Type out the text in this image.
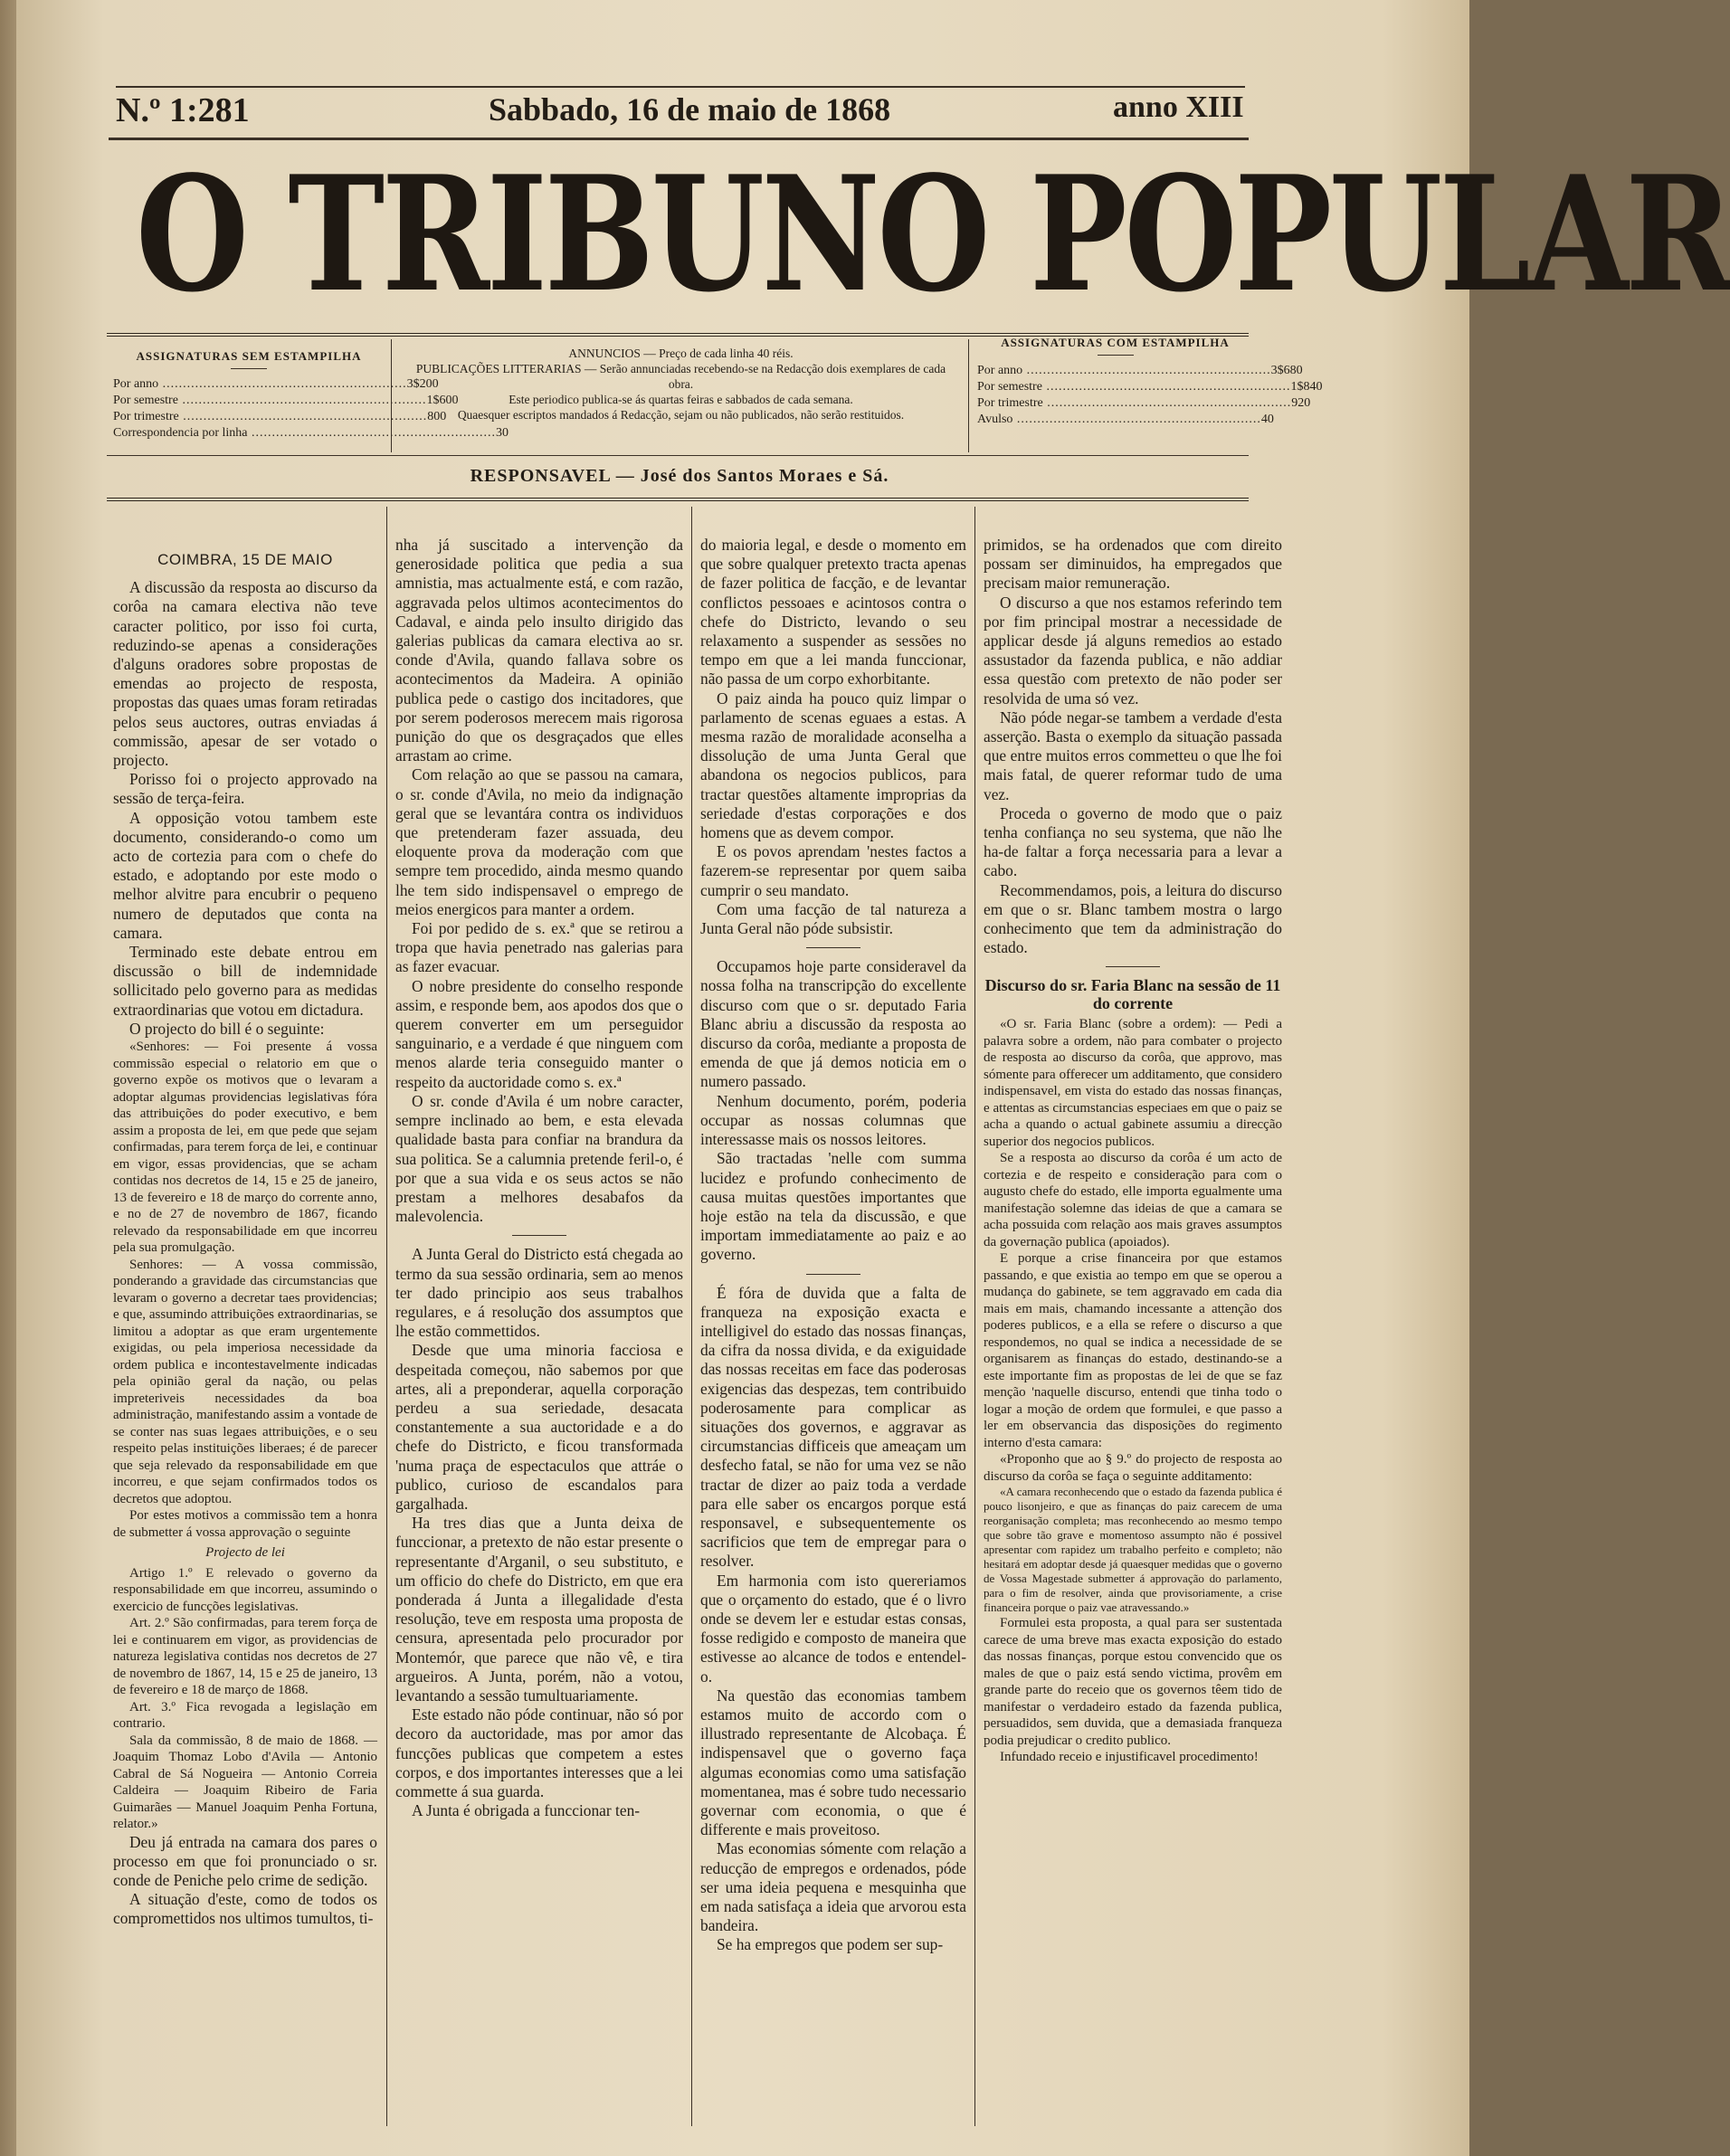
N.º 1:281	Sabbado, 16 de maio de 1868	anno XIII
O TRIBUNO POPULAR
ASSIGNATURAS SEM ESTAMPILHA
Por anno .....	3$200
Por semestre .....	1$600
Por trimestre .....	800
Correspondencia por linha .....	30
ANNUNCIOS — Preço de cada linha 40 réis.
PUBLICAÇÕES LITTERARIAS — Serão annunciadas recebendo-se na Redacção dois exemplares de cada obra.
Este periodico publica-se ás quartas feiras e sabbados de cada semana.
Quaesquer escriptos mandados á Redacção, sejam ou não publicados, não serão restituidos.
ASSIGNATURAS COM ESTAMPILHA
Por anno .....	3$680
Por semestre .....	1$840
Por trimestre .....	920
Avulso .....	40
RESPONSAVEL — José dos Santos Moraes e Sá.
COIMBRA, 15 DE MAIO

A discussão da resposta ao discurso da corôa na camara electiva não teve caracter politico, por isso foi curta, reduzindo-se apenas a considerações d'alguns oradores sobre propostas de emendas ao projecto de resposta, propostas das quaes umas foram retiradas pelos seus auctores, outras enviadas á commissão, apesar de ser votado o projecto.

Porisso foi o projecto approvado na sessão de terça-feira.

A opposição votou tambem este documento, considerando-o como um acto de cortezia para com o chefe do estado, e adoptando por este modo o melhor alvitre para encubrir o pequeno numero de deputados que conta na camara.

Terminado este debate entrou em discussão o bill de indemnidade sollicitado pelo governo para as medidas extraordinarias que votou em dictadura.

O projecto do bill é o seguinte:

«Senhores: — Foi presente á vossa commissão especial o relatorio em que o governo expõe os motivos que o levaram a adoptar algumas providencias legislativas fóra das attribuições do poder executivo, e bem assim a proposta de lei, em que pede que sejam confirmadas, para terem força de lei, e continuar em vigor, essas providencias, que se acham contidas nos decretos de 14, 15 e 25 de janeiro, 13 de fevereiro e 18 de março do corrente anno, e no de 27 de novembro de 1867, ficando relevado da responsabilidade em que incorreu pela sua promulgação.

Senhores: — A vossa commissão, ponderando a gravidade das circumstancias que levaram o governo a decretar taes providencias; e que, assumindo attribuições extraordinarias, se limitou a adoptar as que eram urgentemente exigidas, ou pela imperiosa necessidade da ordem publica e incontestavelmente indicadas pela opinião geral da nação, ou pelas impreteriveis necessidades da boa administração, manifestando assim a vontade de se conter nas suas legaes attribuições, e o seu respeito pelas instituições liberaes; é de parecer que seja relevado da responsabilidade em que incorreu, e que sejam confirmados todos os decretos que adoptou.

Por estes motivos a commissão tem a honra de submetter á vossa approvação o seguinte

Projecto de lei

Artigo 1.º E relevado o governo da responsabilidade em que incorreu, assumindo o exercicio de funcções legislativas.

Art. 2.º São confirmadas, para terem força de lei e continuarem em vigor, as providencias de natureza legislativa contidas nos decretos de 27 de novembro de 1867, 14, 15 e 25 de janeiro, 13 de fevereiro e 18 de março de 1868.

Art. 3.º Fica revogada a legislação em contrario.

Sala da commissão, 8 de maio de 1868. — Joaquim Thomaz Lobo d'Avila — Antonio Cabral de Sá Nogueira — Antonio Correia Caldeira — Joaquim Ribeiro de Faria Guimarães — Manuel Joaquim Penha Fortuna, relator.»

Deu já entrada na camara dos pares o processo em que foi pronunciado o sr. conde de Peniche pelo crime de sedição.

A situação d'este, como de todos os compromettidos nos ultimos tumultos, ti-

nha já suscitado a intervenção da generosidade politica que pedia a sua amnistia, mas actualmente está, e com razão, aggravada pelos ultimos acontecimentos do Cadaval, e ainda pelo insulto dirigido das galerias publicas da camara electiva ao sr. conde d'Avila, quando fallava sobre os acontecimentos da Madeira. A opinião publica pede o castigo dos incitadores, que por serem poderosos merecem mais rigorosa punição do que os desgraçados que elles arrastam ao crime.

Com relação ao que se passou na camara, o sr. conde d'Avila, no meio da indignação geral que se levantára contra os individuos que pretenderam fazer assuada, deu eloquente prova da moderação com que sempre tem procedido, ainda mesmo quando lhe tem sido indispensavel o emprego de meios energicos para manter a ordem.

Foi por pedido de s. ex.ª que se retirou a tropa que havia penetrado nas galerias para as fazer evacuar.

O nobre presidente do conselho responde assim, e responde bem, aos apodos dos que o querem converter em um perseguidor sanguinario, e a verdade é que ninguem com menos alarde teria conseguido manter o respeito da auctoridade como s. ex.ª

O sr. conde d'Avila é um nobre caracter, sempre inclinado ao bem, e esta elevada qualidade basta para confiar na brandura da sua politica. Se a calumnia pretende feril-o, é por que a sua vida e os seus actos se não prestam a melhores desabafos da malevolencia.

A Junta Geral do Districto está chegada ao termo da sua sessão ordinaria, sem ao menos ter dado principio aos seus trabalhos regulares, e á resolução dos assumptos que lhe estão commettidos.

Desde que uma minoria facciosa e despeitada começou, não sabemos por que artes, ali a preponderar, aquella corporação perdeu a sua seriedade, desacata constantemente a sua auctoridade e a do chefe do Districto, e ficou transformada 'numa praça de espectaculos que attráe o publico, curioso de escandalos para gargalhada.

Ha tres dias que a Junta deixa de funccionar, a pretexto de não estar presente o representante d'Arganil, o seu substituto, e um officio do chefe do Districto, em que era ponderada á Junta a illegalidade d'esta resolução, teve em resposta uma proposta de censura, apresentada pelo procurador por Montemór, que parece que não vê, e tira argueiros. A Junta, porém, não a votou, levantando a sessão tumultuariamente.

Este estado não póde continuar, não só por decoro da auctoridade, mas por amor das funcções publicas que competem a estes corpos, e dos importantes interesses que a lei commette á sua guarda.

A Junta é obrigada a funccionar ten-

do maioria legal, e desde o momento em que sobre qualquer pretexto tracta apenas de fazer politica de facção, e de levantar conflictos pessoaes e acintosos contra o chefe do Districto, levando o seu relaxamento a suspender as sessões no tempo em que a lei manda funccionar, não passa de um corpo exhorbitante.

O paiz ainda ha pouco quiz limpar o parlamento de scenas eguaes a estas. A mesma razão de moralidade aconselha a dissolução de uma Junta Geral que abandona os negocios publicos, para tractar questões altamente improprias da seriedade d'estas corporações e dos homens que as devem compor.

E os povos aprendam 'nestes factos a fazerem-se representar por quem saiba cumprir o seu mandato.

Com uma facção de tal natureza a Junta Geral não póde subsistir.

Occupamos hoje parte consideravel da nossa folha na transcripção do excellente discurso com que o sr. deputado Faria Blanc abriu a discussão da resposta ao discurso da corôa, mediante a proposta de emenda de que já demos noticia em o numero passado.

Nenhum documento, porém, poderia occupar as nossas columnas que interessasse mais os nossos leitores.

São tractadas 'nelle com summa lucidez e profundo conhecimento de causa muitas questões importantes que hoje estão na tela da discussão, e que importam immediatamente ao paiz e ao governo.

É fóra de duvida que a falta de franqueza na exposição exacta e intelligivel do estado das nossas finanças, da cifra da nossa divida, e da exiguidade das nossas receitas em face das poderosas exigencias das despezas, tem contribuido poderosamente para complicar as situações dos governos, e aggravar as circumstancias difficeis que ameaçam um desfecho fatal, se não for uma vez se não tractar de dizer ao paiz toda a verdade para elle saber os encargos porque está responsavel, e subsequentemente os sacrificios que tem de empregar para o resolver.

Em harmonia com isto quereriamos que o orçamento do estado, que é o livro onde se devem ler e estudar estas consas, fosse redigido e composto de maneira que estivesse ao alcance de todos e entendel-o.

Na questão das economias tambem estamos muito de accordo com o illustrado representante de Alcobaça. É indispensavel que o governo faça algumas economias como uma satisfação momentanea, mas é sobre tudo necessario governar com economia, o que é differente e mais proveitoso.

Mas economias sómente com relação a reducção de empregos e ordenados, póde ser uma ideia pequena e mesquinha que em nada satisfaça a ideia que arvorou esta bandeira.

Se ha empregos que podem ser sup-

primidos, se ha ordenados que com direito possam ser diminuidos, ha empregados que precisam maior remuneração.

O discurso a que nos estamos referindo tem por fim principal mostrar a necessidade de applicar desde já alguns remedios ao estado assustador da fazenda publica, e não addiar essa questão com pretexto de não poder ser resolvida de uma só vez.

Não póde negar-se tambem a verdade d'esta asserção. Basta o exemplo da situação passada que entre muitos erros commetteu o que lhe foi mais fatal, de querer reformar tudo de uma vez.

Proceda o governo de modo que o paiz tenha confiança no seu systema, que não lhe ha-de faltar a força necessaria para a levar a cabo.

Recommendamos, pois, a leitura do discurso em que o sr. Blanc tambem mostra o largo conhecimento que tem da administração do estado.

Discurso do sr. Faria Blanc na sessão de 11 do corrente

«O sr. Faria Blanc (sobre a ordem): — Pedi a palavra sobre a ordem, não para combater o projecto de resposta ao discurso da corôa, que approvo, mas sómente para offerecer um additamento, que considero indispensavel, em vista do estado das nossas finanças, e attentas as circumstancias especiaes em que o paiz se acha a quando o actual gabinete assumiu a direcção superior dos negocios publicos.

Se a resposta ao discurso da corôa é um acto de cortezia e de respeito e consideração para com o augusto chefe do estado, elle importa egualmente uma manifestação solemne das ideias de que a camara se acha possuida com relação aos mais graves assumptos da governação publica (apoiados).

E porque a crise financeira por que estamos passando, e que existia ao tempo em que se operou a mudança do gabinete, se tem aggravado em cada dia mais em mais, chamando incessante a attenção dos poderes publicos, e a ella se refere o discurso a que respondemos, no qual se indica a necessidade de se organisarem as finanças do estado, destinando-se a este importante fim as propostas de lei de que se faz menção 'naquelle discurso, entendi que tinha todo o logar a moção de ordem que formulei, e que passo a ler em observancia das disposições do regimento interno d'esta camara:

«Proponho que ao § 9.º do projecto de resposta ao discurso da corôa se faça o seguinte additamento:

«A camara reconhecendo que o estado da fazenda publica é pouco lisonjeiro, e que as finanças do paiz carecem de uma reorganisação completa; mas reconhecendo ao mesmo tempo que sobre tão grave e momentoso assumpto não é possivel apresentar com rapidez um trabalho perfeito e completo; não hesitará em adoptar desde já quaesquer medidas que o governo de Vossa Magestade submetter á approvação do parlamento, para o fim de resolver, ainda que provisoriamente, a crise financeira porque o paiz vae atravessando.»

Formulei esta proposta, a qual para ser sustentada carece de uma breve mas exacta exposição do estado das nossas finanças, porque estou convencido que os males de que o paiz está sendo victima, provêm em grande parte do receio que os governos têem tido de manifestar o verdadeiro estado da fazenda publica, persuadidos, sem duvida, que a demasiada franqueza podia prejudicar o credito publico.

Infundado receio e injustificavel procedimento!
